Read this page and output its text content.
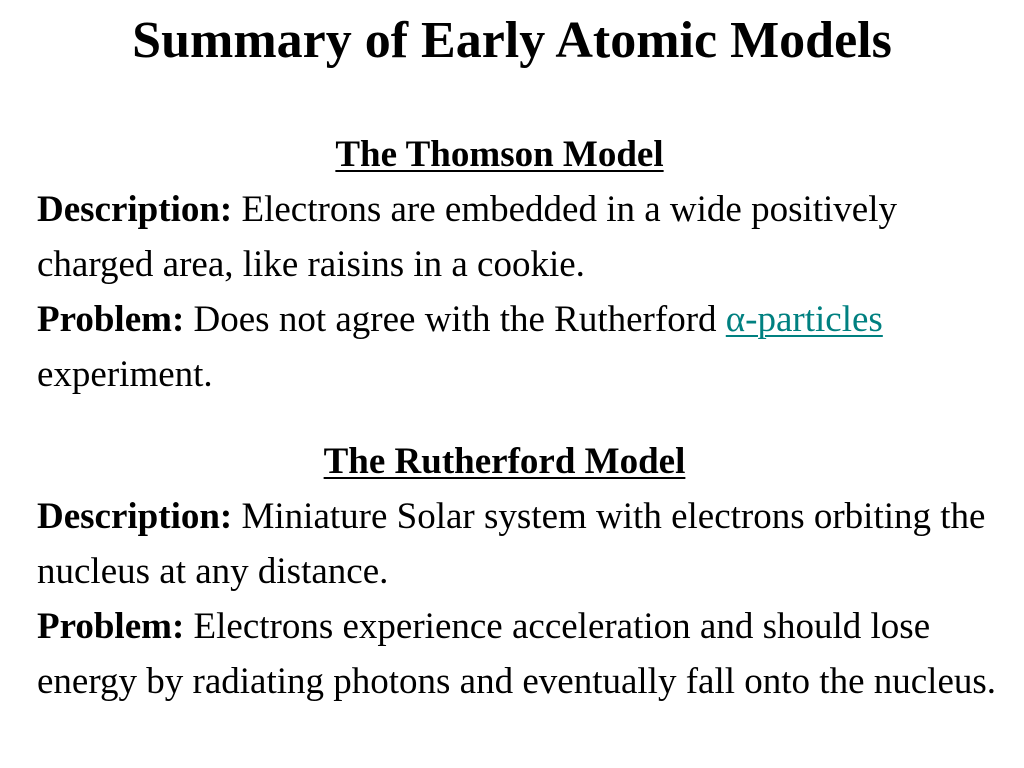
Summary of Early Atomic Models
The Thomson Model
Description: Electrons are embedded in a wide positively charged area, like raisins in a cookie.
Problem: Does not agree with the Rutherford α-particles experiment.
The Rutherford Model
Description: Miniature Solar system with electrons orbiting the nucleus at any distance.
Problem: Electrons experience acceleration and should lose energy by radiating photons and eventually fall onto the nucleus.
